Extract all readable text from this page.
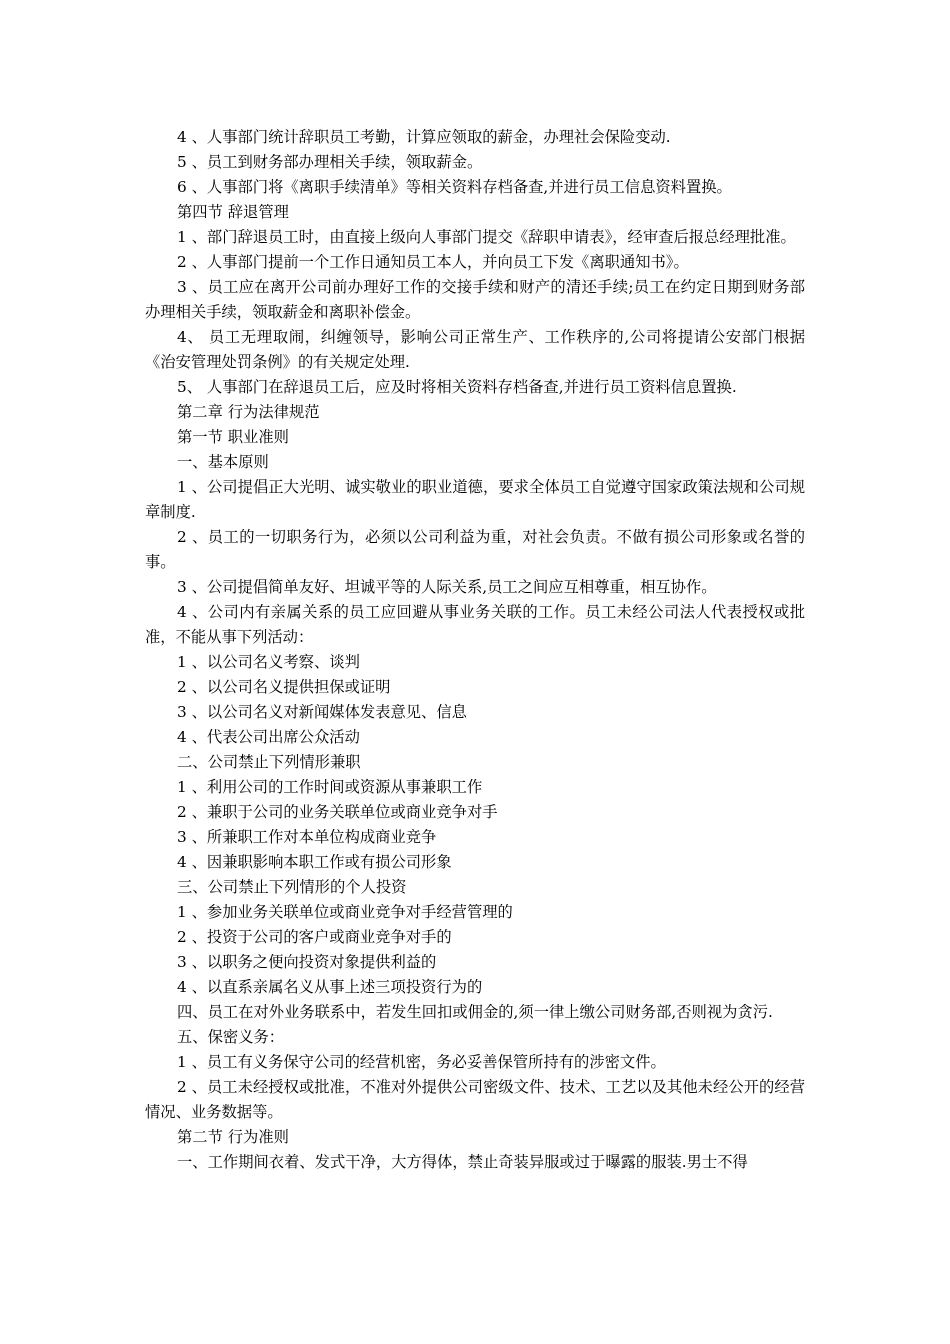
4 、人事部门统计辞职员工考勤，计算应领取的薪金，办理社会保险变动.

5 、员工到财务部办理相关手续，领取薪金。

6 、人事部门将《离职手续清单》等相关资料存档备查,并进行员工信息资料置换。

第四节 辞退管理

1 、部门辞退员工时，由直接上级向人事部门提交《辞职申请表》，经审查后报总经理批准。

2 、人事部门提前一个工作日通知员工本人，并向员工下发《离职通知书》。

3 、员工应在离开公司前办理好工作的交接手续和财产的清还手续;员工在约定日期到财务部办理相关手续，领取薪金和离职补偿金。

4、 员工无理取闹，纠缠领导，影响公司正常生产、工作秩序的,公司将提请公安部门根据《治安管理处罚条例》的有关规定处理.

5、 人事部门在辞退员工后，应及时将相关资料存档备查,并进行员工资料信息置换.

第二章 行为法律规范

第一节 职业准则

一、基本原则

1 、公司提倡正大光明、诚实敬业的职业道德，要求全体员工自觉遵守国家政策法规和公司规章制度.

2 、员工的一切职务行为，必须以公司利益为重，对社会负责。不做有损公司形象或名誉的事。

3 、公司提倡简单友好、坦诚平等的人际关系,员工之间应互相尊重，相互协作。

4 、公司内有亲属关系的员工应回避从事业务关联的工作。员工未经公司法人代表授权或批准，不能从事下列活动：

1 、以公司名义考察、谈判

2 、以公司名义提供担保或证明

3 、以公司名义对新闻媒体发表意见、信息

4 、代表公司出席公众活动

二、公司禁止下列情形兼职

1 、利用公司的工作时间或资源从事兼职工作

2 、兼职于公司的业务关联单位或商业竞争对手

3 、所兼职工作对本单位构成商业竞争

4 、因兼职影响本职工作或有损公司形象

三、公司禁止下列情形的个人投资

1 、参加业务关联单位或商业竞争对手经营管理的

2 、投资于公司的客户或商业竞争对手的

3 、以职务之便向投资对象提供利益的

4 、以直系亲属名义从事上述三项投资行为的

四、员工在对外业务联系中，若发生回扣或佣金的,须一律上缴公司财务部,否则视为贪污.

五、保密义务：

1 、员工有义务保守公司的经营机密，务必妥善保管所持有的涉密文件。

2 、员工未经授权或批准，不准对外提供公司密级文件、技术、工艺以及其他未经公开的经营情况、业务数据等。

第二节 行为准则

一、工作期间衣着、发式干净，大方得体，禁止奇装异服或过于曝露的服装.男士不得
